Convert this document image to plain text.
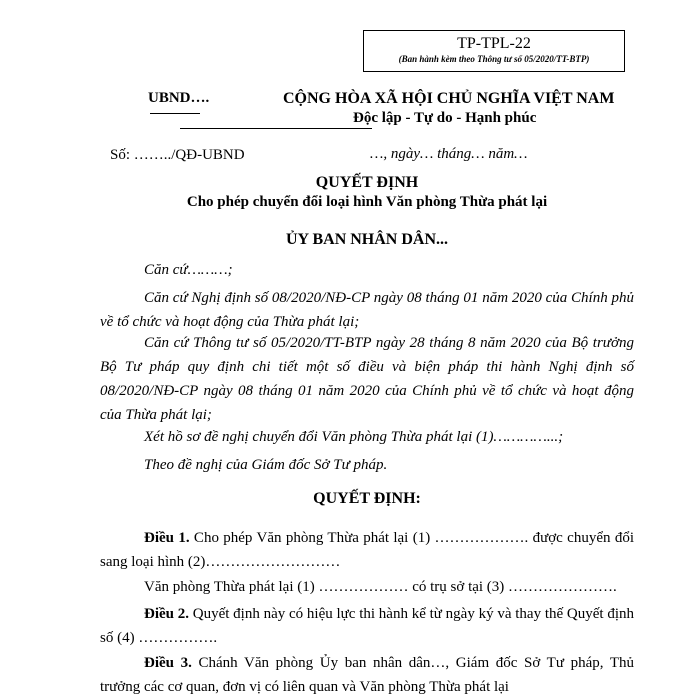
TP-TPL-22
(Ban hành kèm theo Thông tư số 05/2020/TT-BTP)
UBND….	CỘNG HÒA XÃ HỘI CHỦ NGHĨA VIỆT NAM
Độc lập - Tự do - Hạnh phúc
Số: ……../QĐ-UBND	…, ngày… tháng… năm…
QUYẾT ĐỊNH
Cho phép chuyển đổi loại hình Văn phòng Thừa phát lại
ỦY BAN NHÂN DÂN...

Căn cứ………;

Căn cứ Nghị định số 08/2020/NĐ-CP ngày 08 tháng 01 năm 2020 của Chính phủ về tổ chức và hoạt động của Thừa phát lại;

Căn cứ Thông tư số 05/2020/TT-BTP ngày 28 tháng 8 năm 2020 của Bộ trưởng Bộ Tư pháp quy định chi tiết một số điều và biện pháp thi hành Nghị định số 08/2020/NĐ-CP ngày 08 tháng 01 năm 2020 của Chính phủ về tổ chức và hoạt động của Thừa phát lại;

Xét hồ sơ đề nghị chuyển đổi Văn phòng Thừa phát lại (1)…………...;

Theo đề nghị của Giám đốc Sở Tư pháp.

QUYẾT ĐỊNH:

Điều 1. Cho phép Văn phòng Thừa phát lại (1) ………………. được chuyển đổi sang loại hình (2)………………………

Văn phòng Thừa phát lại (1) ……………… có trụ sở tại (3) ………………….

Điều 2. Quyết định này có hiệu lực thi hành kể từ ngày ký và thay thế Quyết định số (4) …………….

Điều 3. Chánh Văn phòng Ủy ban nhân dân…, Giám đốc Sở Tư pháp, Thủ trưởng các cơ quan, đơn vị có liên quan và Văn phòng Thừa phát lại
